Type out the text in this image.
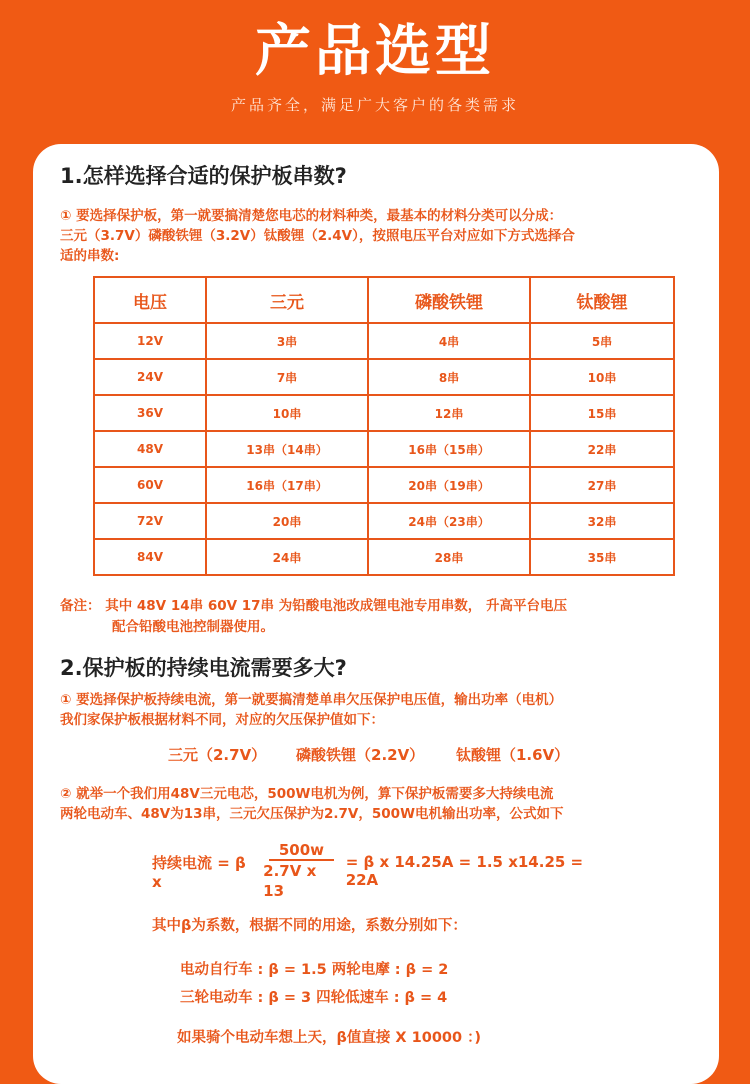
产品选型
产品齐全，满足广大客户的各类需求
1.怎样选择合适的保护板串数?
① 要选择保护板，第一就要搞清楚您电芯的材料种类，最基本的材料分类可以分成：
三元（3.7V）磷酸铁锂（3.2V）钛酸锂（2.4V），按照电压平台对应如下方式选择合
适的串数:
电压	三元	磷酸铁锂	钛酸锂
12V	3串	4串	5串
24V	7串	8串	10串
36V	10串	12串	15串
48V	13串（14串）	16串（15串）	22串
60V	16串（17串）	20串（19串）	27串
72V	20串	24串（23串）	32串
84V	24串	28串	35串
备注： 其中 48V 14串 60V 17串 为铅酸电池改成锂电池专用串数， 升高平台电压
配合铅酸电池控制器使用。
2.保护板的持续电流需要多大?
① 要选择保护板持续电流，第一就要搞清楚单串欠压保护电压值，输出功率（电机）
我们家保护板根据材料不同，对应的欠压保护值如下：
三元（2.7V） 磷酸铁锂（2.2V） 钛酸锂（1.6V）
② 就举一个我们用48V三元电芯，500W电机为例，算下保护板需要多大持续电流
两轮电动车、48V为13串，三元欠压保护为2.7V，500W电机输出功率，公式如下
持续电流 = β x	$\frac{500w}{\text{2.7V x 13}} = \beta$ x 14.25A = 1.5 x14.25 = 22A
其中β为系数，根据不同的用途，系数分别如下：
电动自行车 : β = 1.5 两轮电摩 : β = 2
三轮电动车 : β = 3 四轮低速车 : β = 4
如果骑个电动车想上天，β值直接 X 10000 ：)
